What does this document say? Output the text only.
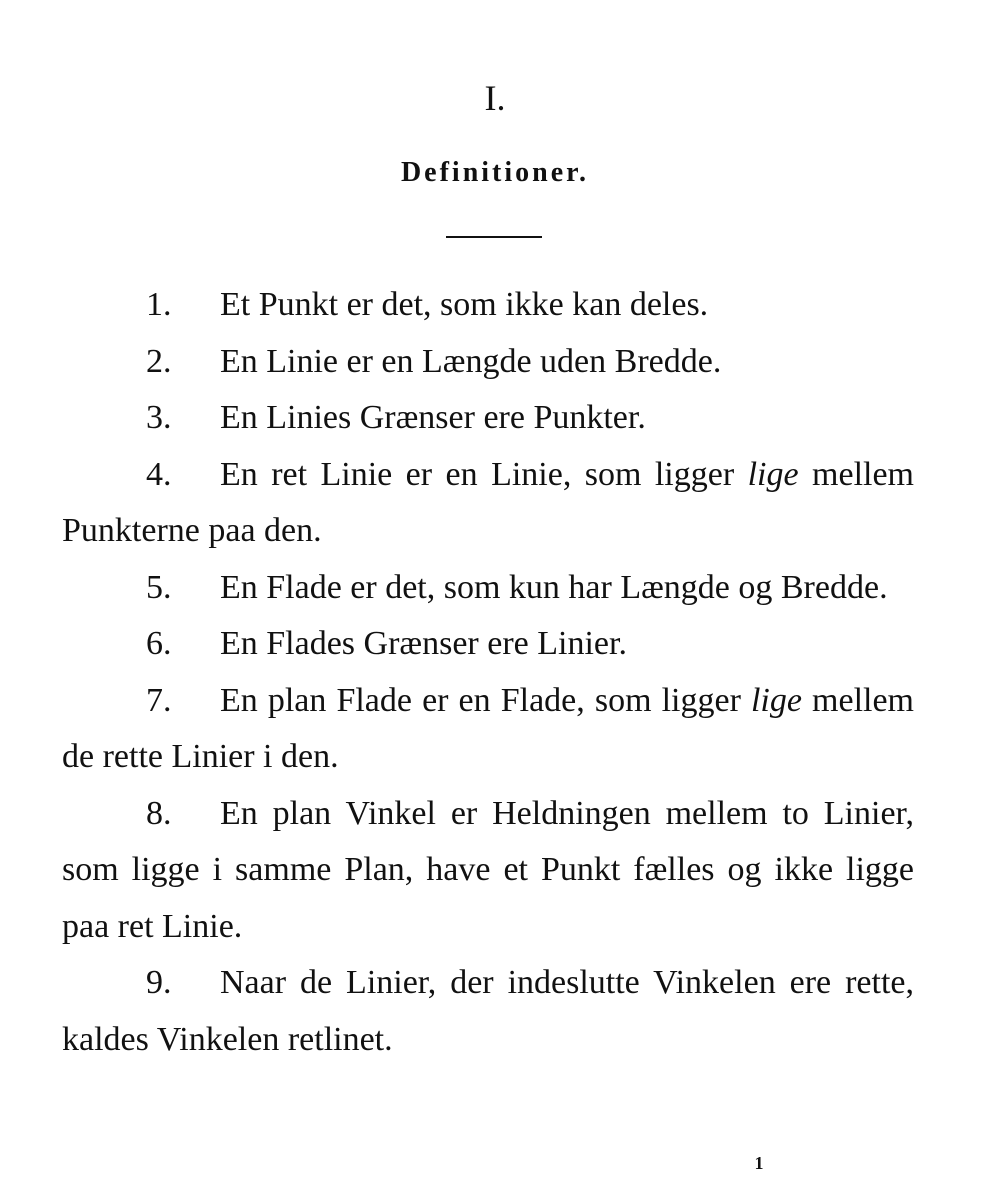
I.
Definitioner.

1. Et Punkt er det, som ikke kan deles.

2. En Linie er en Længde uden Bredde.

3. En Linies Grænser ere Punkter.

4. En ret Linie er en Linie, som ligger lige mellem Punkterne paa den.

5. En Flade er det, som kun har Længde og Bredde.

6. En Flades Grænser ere Linier.

7. En plan Flade er en Flade, som ligger lige mellem de rette Linier i den.

8. En plan Vinkel er Heldningen mellem to Linier, som ligge i samme Plan, have et Punkt fælles og ikke ligge paa ret Linie.

9. Naar de Linier, der indeslutte Vinkelen ere rette, kaldes Vinkelen retlinet.

1
